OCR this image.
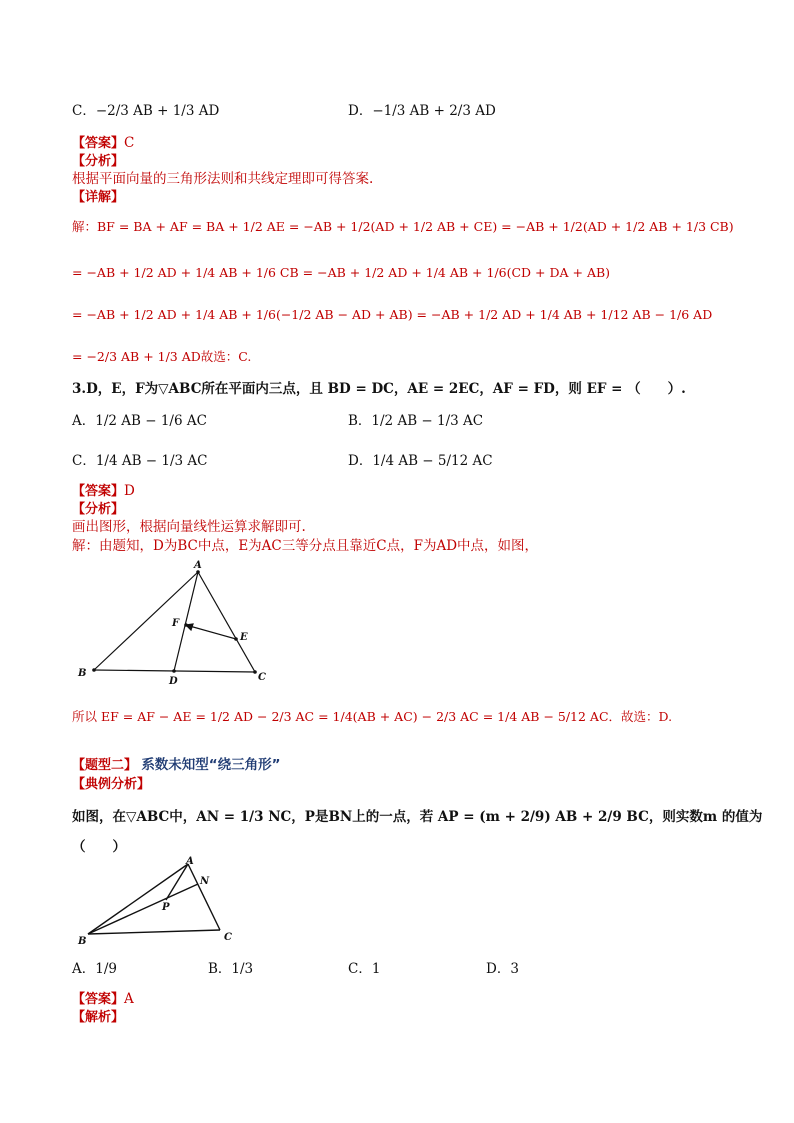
C．−2/3 AB + 1/3 AD	D．−1/3 AB + 2/3 AD
【答案】C
【分析】
根据平面向量的三角形法则和共线定理即可得答案.
【详解】
解：BF = BA + AF = BA + 1/2 AE = −AB + 1/2(AD + 1/2 AB + CE) = −AB + 1/2(AD + 1/2 AB + 1/3 CB)
= −AB + 1/2 AD + 1/4 AB + 1/6 CB = −AB + 1/2 AD + 1/4 AB + 1/6(CD + DA + AB)
= −AB + 1/2 AD + 1/4 AB + 1/6(−1/2 AB − AD + AB) = −AB + 1/2 AD + 1/4 AB + 1/12 AB − 1/6 AD
= −2/3 AB + 1/3 AD故选：C.
3.D，E，F为▽ABC所在平面内三点，且 BD = DC，AE = 2EC，AF = FD，则 EF = （　　）.
A．1/2 AB − 1/6 AC	B．1/2 AB − 1/3 AC
C．1/4 AB − 1/3 AC	D．1/4 AB − 5/12 AC
【答案】D
【分析】
画出图形，根据向量线性运算求解即可.
解：由题知，D为BC中点，E为AC三等分点且靠近C点，F为AD中点，如图，
A
B	C
D
E
F
所以 EF = AF − AE = 1/2 AD − 2/3 AC = 1/4(AB + AC) − 2/3 AC = 1/4 AB − 5/12 AC．故选：D.
【题型二】 系数未知型“绕三角形”
【典例分析】
如图，在▽ABC中，AN = 1/3 NC，P是BN上的一点，若 AP = (m + 2/9) AB + 2/9 BC，则实数m 的值为
（　　）
A
B	C
N
P
A．1/9	B．1/3	C．1	D．3
【答案】A
【解析】
